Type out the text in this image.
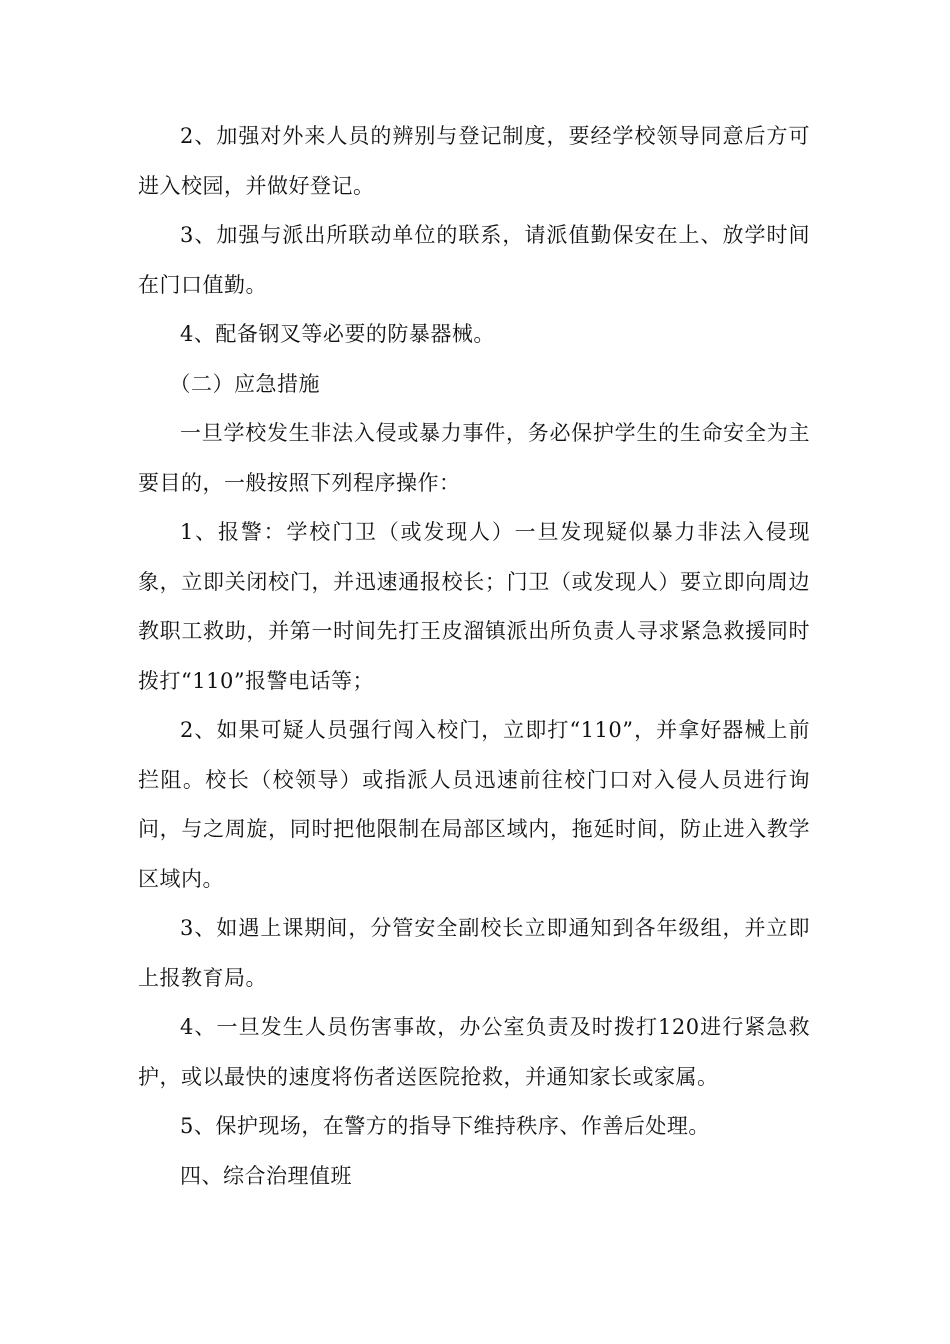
2、加强对外来人员的辨别与登记制度，要经学校领导同意后方可进入校园，并做好登记。

3、加强与派出所联动单位的联系，请派值勤保安在上、放学时间在门口值勤。

4、配备钢叉等必要的防暴器械。

（二）应急措施

一旦学校发生非法入侵或暴力事件，务必保护学生的生命安全为主要目的，一般按照下列程序操作：

1、报警：学校门卫（或发现人）一旦发现疑似暴力非法入侵现象，立即关闭校门，并迅速通报校长；门卫（或发现人）要立即向周边教职工救助，并第一时间先打王皮溜镇派出所负责人寻求紧急救援同时拨打“110”报警电话等；

2、如果可疑人员强行闯入校门，立即打“110”，并拿好器械上前拦阻。校长（校领导）或指派人员迅速前往校门口对入侵人员进行询问，与之周旋，同时把他限制在局部区域内，拖延时间，防止进入教学区域内。

3、如遇上课期间，分管安全副校长立即通知到各年级组，并立即上报教育局。

4、一旦发生人员伤害事故，办公室负责及时拨打120进行紧急救护，或以最快的速度将伤者送医院抢救，并通知家长或家属。

5、保护现场，在警方的指导下维持秩序、作善后处理。

四、综合治理值班
